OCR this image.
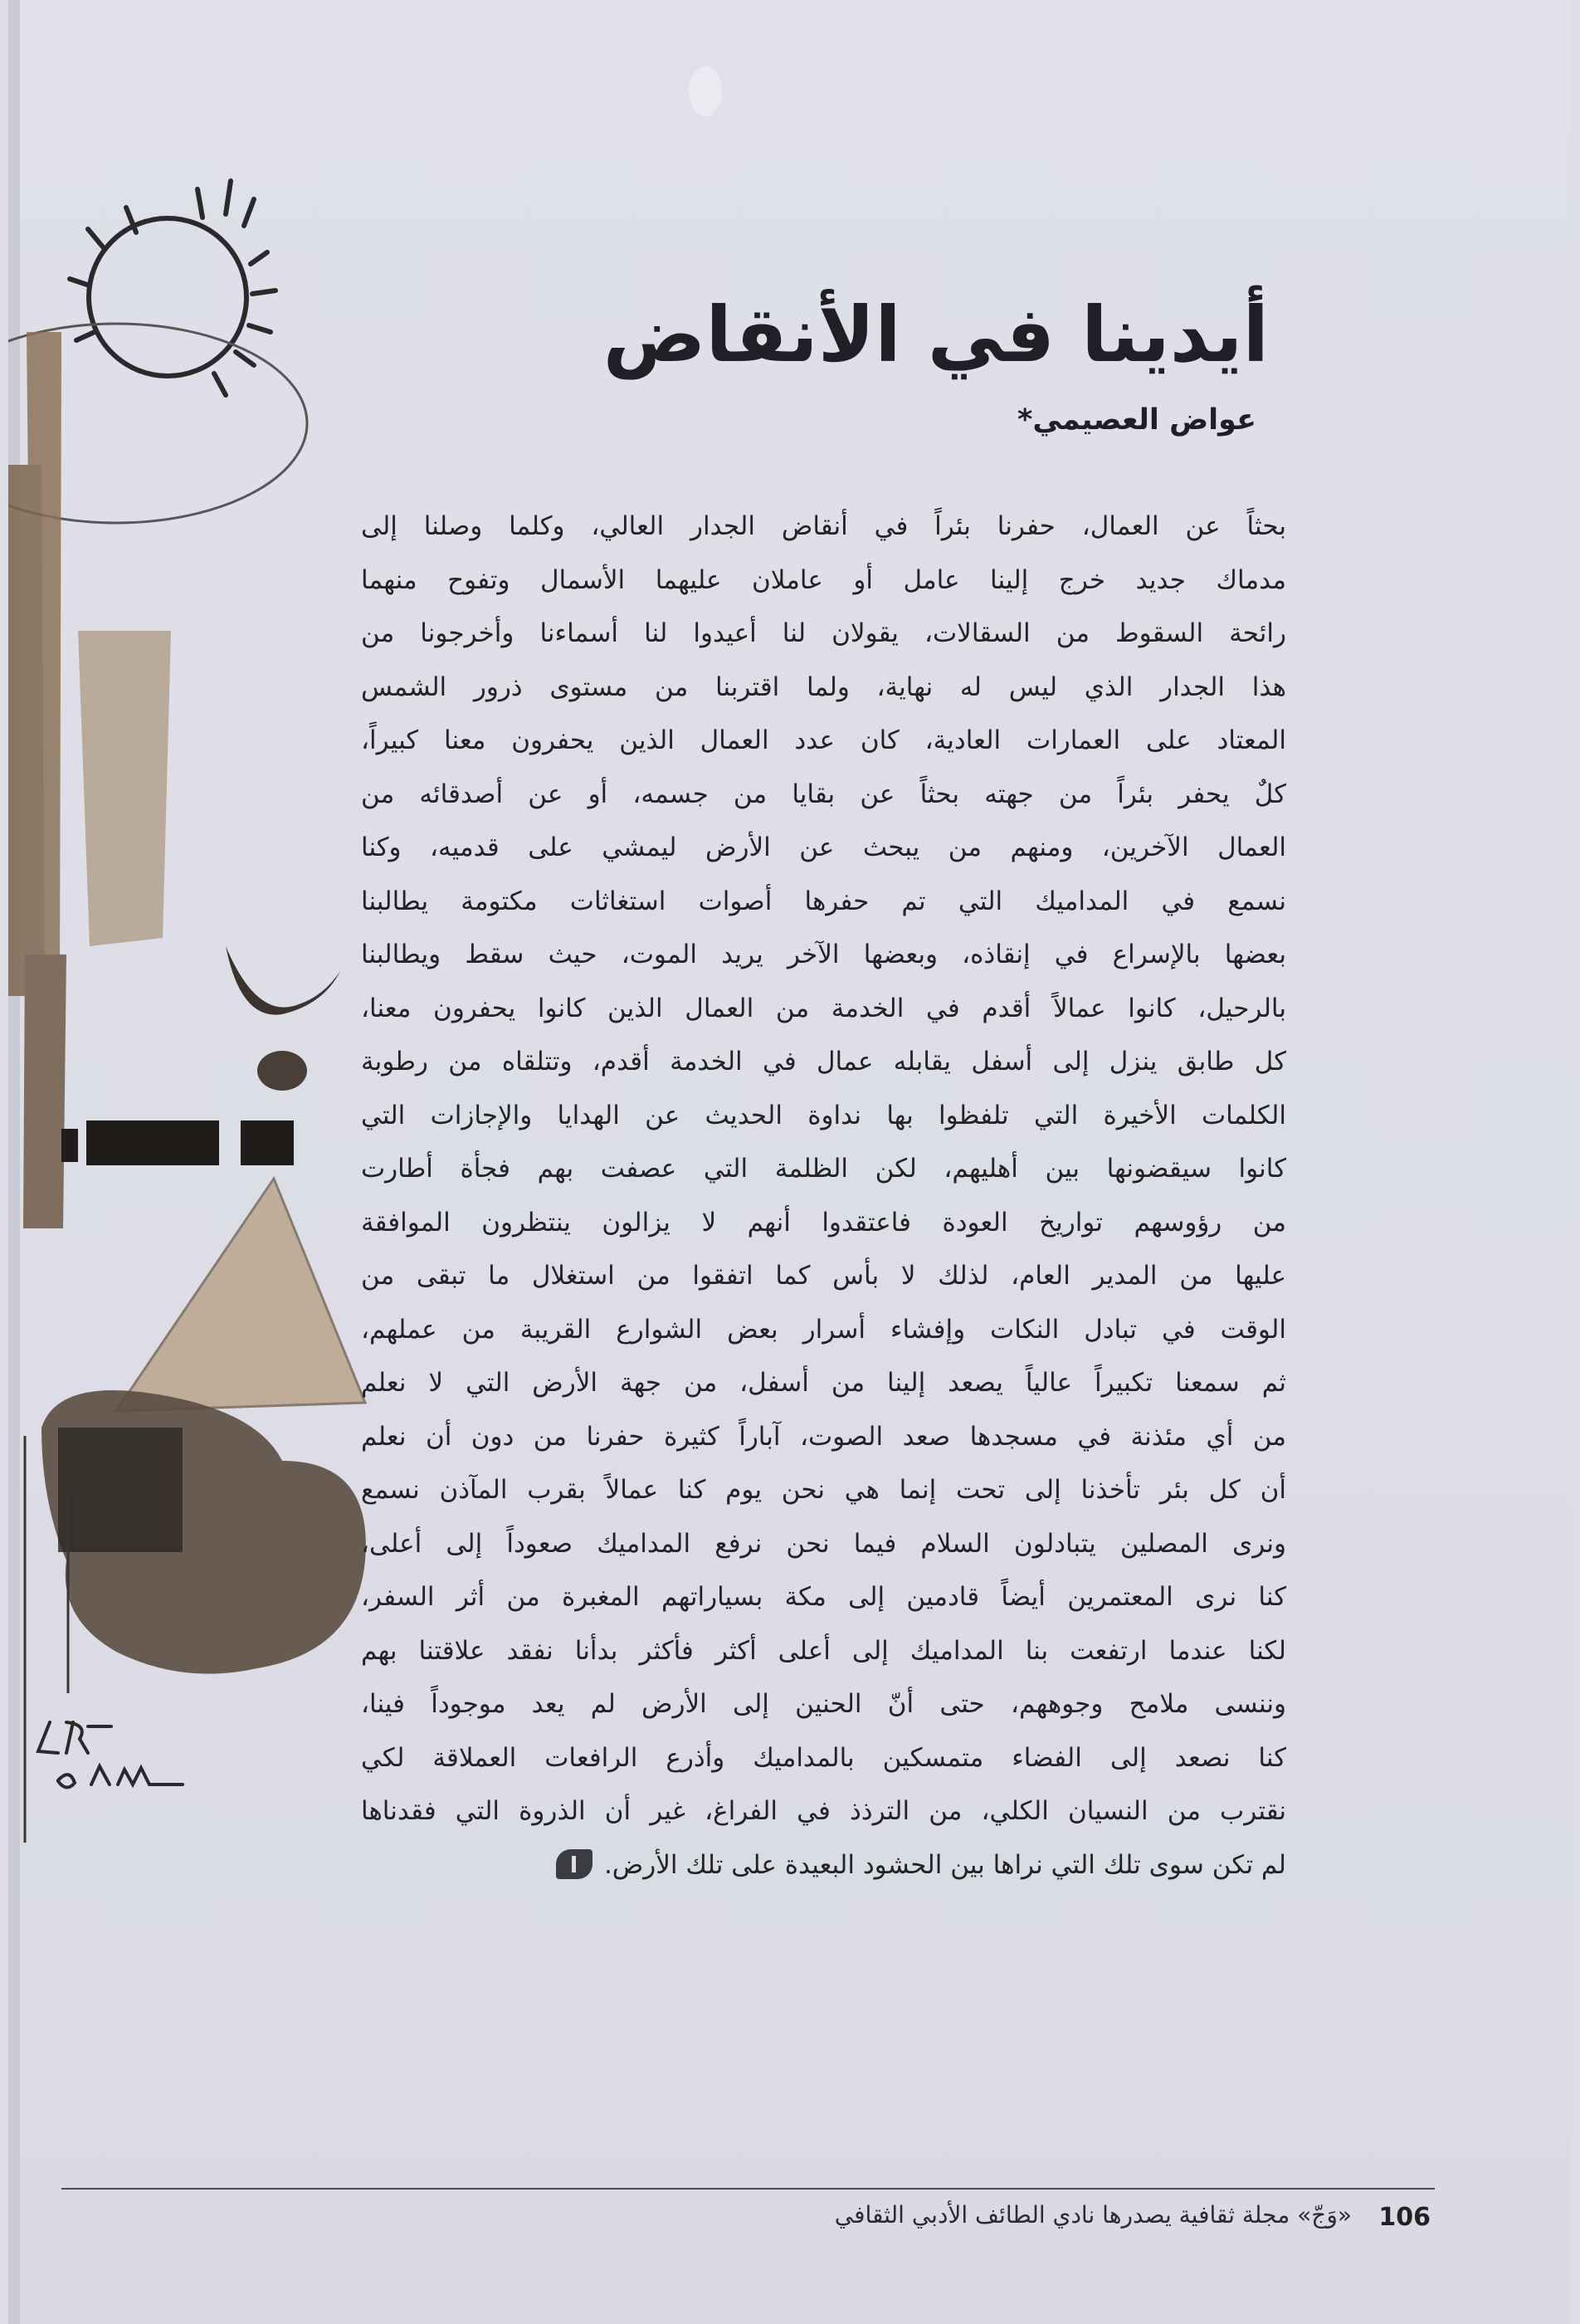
أيدينا في الأنقاض

عواض العصيمي*

بحثاً عن العمال، حفرنا بئراً في أنقاض الجدار العالي، وكلما وصلنا إلى
مدماك جديد خرج إلينا عامل أو عاملان عليهما الأسمال وتفوح منهما
رائحة السقوط من السقالات، يقولان لنا أعيدوا لنا أسماءنا وأخرجونا من
هذا الجدار الذي ليس له نهاية، ولما اقتربنا من مستوى ذرور الشمس
المعتاد على العمارات العادية، كان عدد العمال الذين يحفرون معنا كبيراً،
كلٌ يحفر بئراً من جهته بحثاً عن بقايا من جسمه، أو عن أصدقائه من
العمال الآخرين، ومنهم من يبحث عن الأرض ليمشي على قدميه، وكنا
نسمع في المداميك التي تم حفرها أصوات استغاثات مكتومة يطالبنا
بعضها بالإسراع في إنقاذه، وبعضها الآخر يريد الموت، حيث سقط ويطالبنا
بالرحيل، كانوا عمالاً أقدم في الخدمة من العمال الذين كانوا يحفرون معنا،
كل طابق ينزل إلى أسفل يقابله عمال في الخدمة أقدم، وتتلقاه من رطوبة
الكلمات الأخيرة التي تلفظوا بها نداوة الحديث عن الهدايا والإجازات التي
كانوا سيقضونها بين أهليهم، لكن الظلمة التي عصفت بهم فجأة أطارت
من رؤوسهم تواريخ العودة فاعتقدوا أنهم لا يزالون ينتظرون الموافقة
عليها من المدير العام، لذلك لا بأس كما اتفقوا من استغلال ما تبقى من
الوقت في تبادل النكات وإفشاء أسرار بعض الشوارع القريبة من عملهم،
ثم سمعنا تكبيراً عالياً يصعد إلينا من أسفل، من جهة الأرض التي لا نعلم
من أي مئذنة في مسجدها صعد الصوت، آباراً كثيرة حفرنا من دون أن نعلم
أن كل بئر تأخذنا إلى تحت إنما هي نحن يوم كنا عمالاً بقرب المآذن نسمع
ونرى المصلين يتبادلون السلام فيما نحن نرفع المداميك صعوداً إلى أعلى،
كنا نرى المعتمرين أيضاً قادمين إلى مكة بسياراتهم المغبرة من أثر السفر،
لكنا عندما ارتفعت بنا المداميك إلى أعلى أكثر فأكثر بدأنا نفقد علاقتنا بهم
وننسى ملامح وجوههم، حتى أنّ الحنين إلى الأرض لم يعد موجوداً فينا،
كنا نصعد إلى الفضاء متمسكين بالمداميك وأذرع الرافعات العملاقة لكي
نقترب من النسيان الكلي، من الترذذ في الفراغ، غير أن الذروة التي فقدناها
لم تكن سوى تلك التي نراها بين الحشود البعيدة على تلك الأرض.

106

«وَجّ» مجلة ثقافية يصدرها نادي الطائف الأدبي الثقافي
